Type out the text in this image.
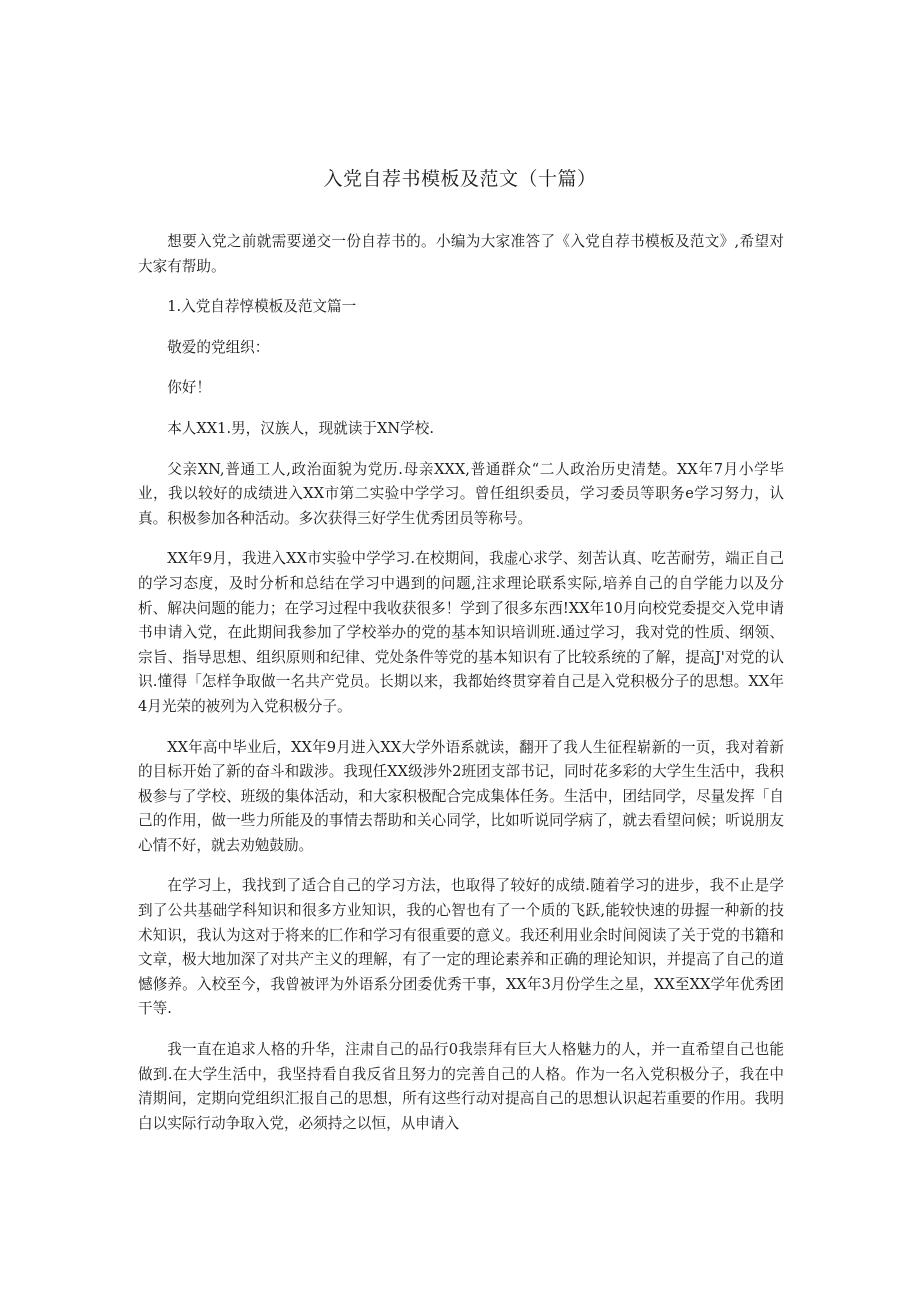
入党自荐书模板及范文（十篇）

想要入党之前就需要递交一份自荐书的。小编为大家准答了《入党自荐书模板及范文》,希望对大家有帮助。

1.入党自荐惇模板及范文篇一

敬爱的党组织：

你好！

本人XX1.男，汉族人，现就读于XN学校.

父亲XN,普通工人,政治面貌为党历.母亲XXX,普通群众“二人政治历史清楚。XX年7月小学毕业，我以较好的成绩进入XX市第二实验中学学习。曾任组织委员，学习委员等职务e学习努力，认真。积极参加各种活动。多次获得三好学生优秀团员等称号。

XX年9月，我进入XX市实验中学学习.在校期间，我虚心求学、刻苦认真、吃苦耐劳，端正自己的学习态度，及时分析和总结在学习中遇到的问题,注求理论联系实际,培养自己的自学能力以及分析、解决问题的能力；在学习过程中我收获很多！学到了很多东西!XX年10月向校党委提交入党申请书申请入党，在此期间我参加了学校举办的党的基本知识培训班.通过学习，我对党的性质、纲领、宗旨、指导思想、组织原则和纪律、党处条件等党的基本知识有了比较系统的了解，提高J'对党的认识.懂得「怎样争取做一名共产党员。长期以来，我都始终贯穿着自己是入党积极分子的思想。XX年4月光荣的被列为入党积极分子。

XX年高中毕业后，XX年9月进入XX大学外语系就读，翻开了我人生征程崭新的一页，我对着新的目标开始了新的奋斗和跋涉。我现任XX级涉外2班团支部书记，同时花多彩的大学生生活中，我积极参与了学校、班级的集体活动，和大家积极配合完成集体任务。生活中，团结同学，尽量发挥「自己的作用，做一些力所能及的事情去帮助和关心同学，比如听说同学病了，就去看望问候；听说朋友心情不好，就去劝勉鼓励。

在学习上，我找到了适合自己的学习方法，也取得了较好的成绩.随着学习的进步，我不止是学到了公共基础学科知识和很多方业知识，我的心智也有了一个质的飞跃,能较快速的毋握一种新的技术知识，我认为这对于将来的匚作和学习有很重要的意义。我还利用业余时间阅读了关于党的书籍和文章，极大地加深了对共产主义的理解，有了一定的理论素养和正确的理论知识，并提高了自己的道憾修养。入校至今，我曾被评为外语系分团委优秀干事，XX年3月份学生之星，XX至XX学年优秀团干等.

我一直在追求人格的升华，注肃自己的品行0我崇拜有巨大人格魅力的人，并一直希望自己也能做到.在大学生活中，我坚持看自我反省且努力的完善自己的人格。作为一名入党积极分子，我在中清期间，定期向党组织汇报自己的思想，所有这些行动对提高自己的思想认识起若重要的作用。我明白以实际行动争取入党，必须持之以恒，从申请入
